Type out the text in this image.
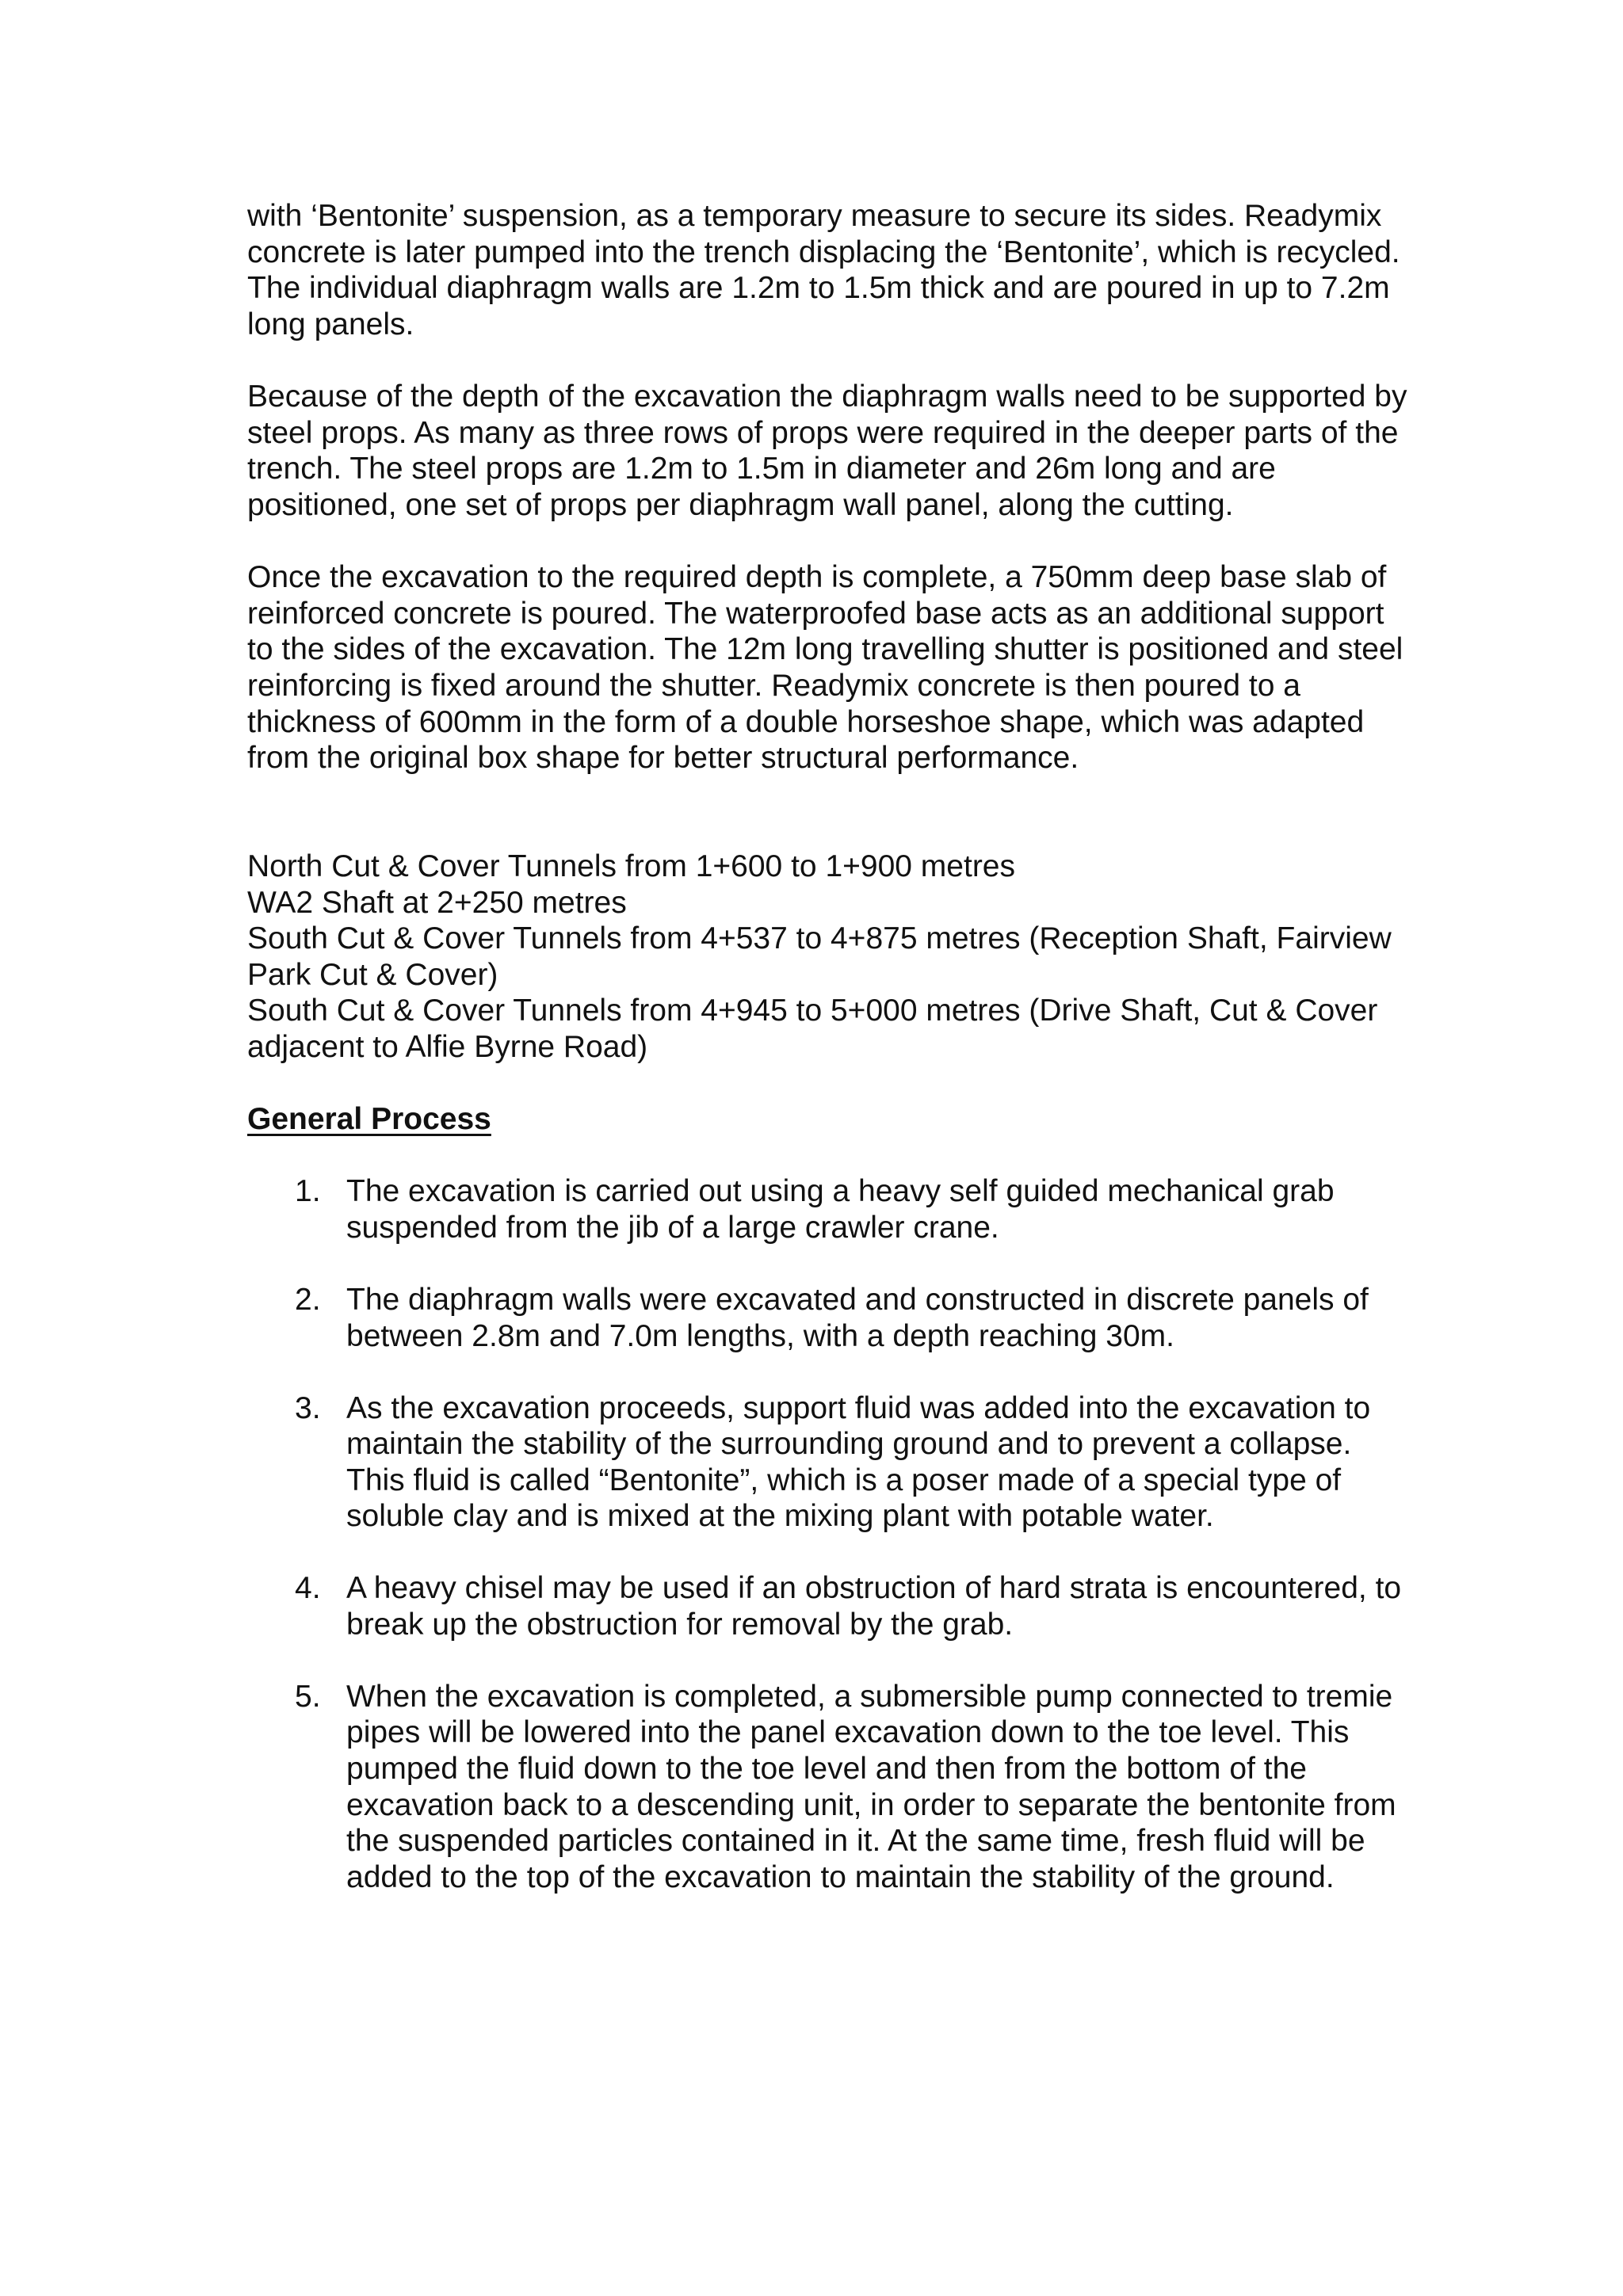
with ‘Bentonite’ suspension, as a temporary measure to secure its sides. Readymix

concrete is later pumped into the trench displacing the ‘Bentonite’, which is recycled.

The individual diaphragm walls are 1.2m to 1.5m thick and are poured in up to 7.2m

long panels.

Because of the depth of the excavation the diaphragm walls need to be supported by

steel props. As many as three rows of props were required in the deeper parts of the

trench. The steel props are 1.2m to 1.5m in diameter and 26m long and are

positioned, one set of props per diaphragm wall panel, along the cutting.

Once the excavation to the required depth is complete, a 750mm deep base slab of

reinforced concrete is poured. The waterproofed base acts as an additional support

to the sides of the excavation. The 12m long travelling shutter is positioned and steel

reinforcing is fixed around the shutter. Readymix concrete is then poured to a

thickness of 600mm in the form of a double horseshoe shape, which was adapted

from the original box shape for better structural performance.

North Cut & Cover Tunnels from 1+600 to 1+900 metres

WA2 Shaft at 2+250 metres

South Cut & Cover Tunnels from 4+537 to 4+875 metres (Reception Shaft, Fairview

Park Cut & Cover)

South Cut & Cover Tunnels from 4+945 to 5+000 metres (Drive Shaft, Cut & Cover

adjacent to Alfie Byrne Road)

General Process

1. The excavation is carried out using a heavy self guided mechanical grab
suspended from the jib of a large crawler crane.
2. The diaphragm walls were excavated and constructed in discrete panels of
between 2.8m and 7.0m lengths, with a depth reaching 30m.
3. As the excavation proceeds, support fluid was added into the excavation to
maintain the stability of the surrounding ground and to prevent a collapse.
This fluid is called “Bentonite”, which is a poser made of a special type of
soluble clay and is mixed at the mixing plant with potable water.
4. A heavy chisel may be used if an obstruction of hard strata is encountered, to
break up the obstruction for removal by the grab.
5. When the excavation is completed, a submersible pump connected to tremie
pipes will be lowered into the panel excavation down to the toe level. This
pumped the fluid down to the toe level and then from the bottom of the
excavation back to a descending unit, in order to separate the bentonite from
the suspended particles contained in it. At the same time, fresh fluid will be
added to the top of the excavation to maintain the stability of the ground.
